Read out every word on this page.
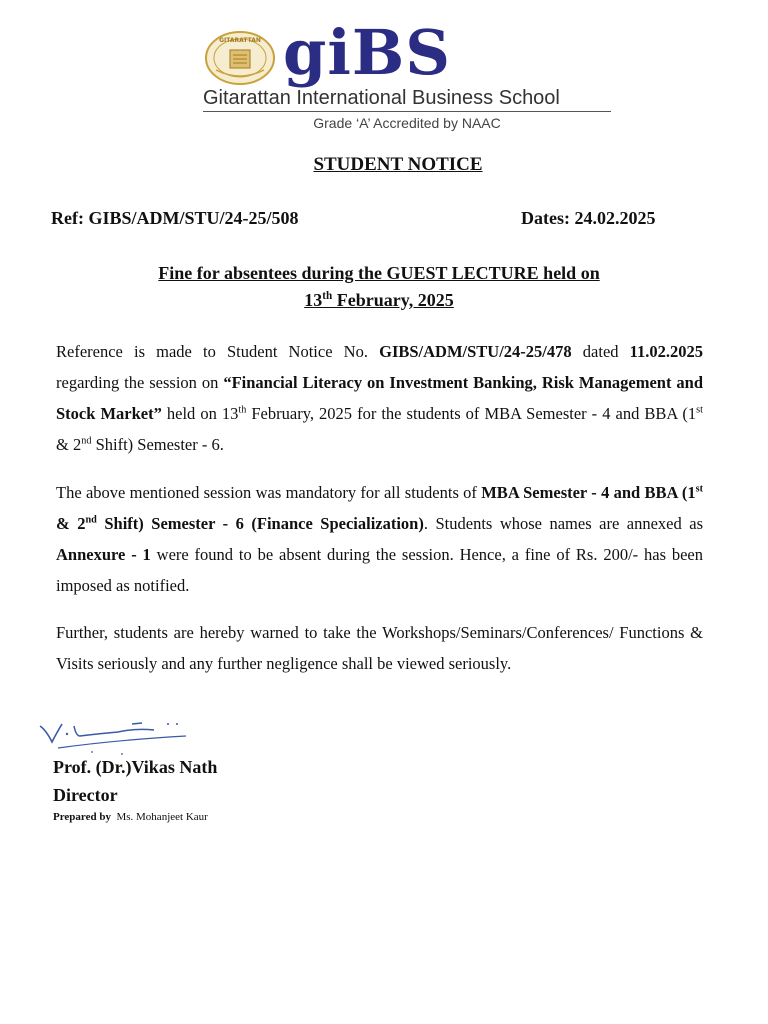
GITARATTAN giBS
Gitarattan International Business School
Grade ‘A’ Accredited by NAAC
STUDENT NOTICE
Ref: GIBS/ADM/STU/24-25/508	Dates: 24.02.2025
Fine for absentees during the GUEST LECTURE held on
13th February, 2025
Reference is made to Student Notice No. GIBS/ADM/STU/24-25/478 dated 11.02.2025 regarding the session on “Financial Literacy on Investment Banking, Risk Management and Stock Market” held on 13th February, 2025 for the students of MBA Semester - 4 and BBA (1st & 2nd Shift) Semester - 6.
The above mentioned session was mandatory for all students of MBA Semester - 4 and BBA (1st & 2nd Shift) Semester - 6 (Finance Specialization). Students whose names are annexed as Annexure - 1 were found to be absent during the session. Hence, a fine of Rs. 200/- has been imposed as notified.
Further, students are hereby warned to take the Workshops/Seminars/Conferences/ Functions & Visits seriously and any further negligence shall be viewed seriously.
Prof. (Dr.)Vikas Nath
Director
Prepared by Ms. Mohanjeet Kaur
